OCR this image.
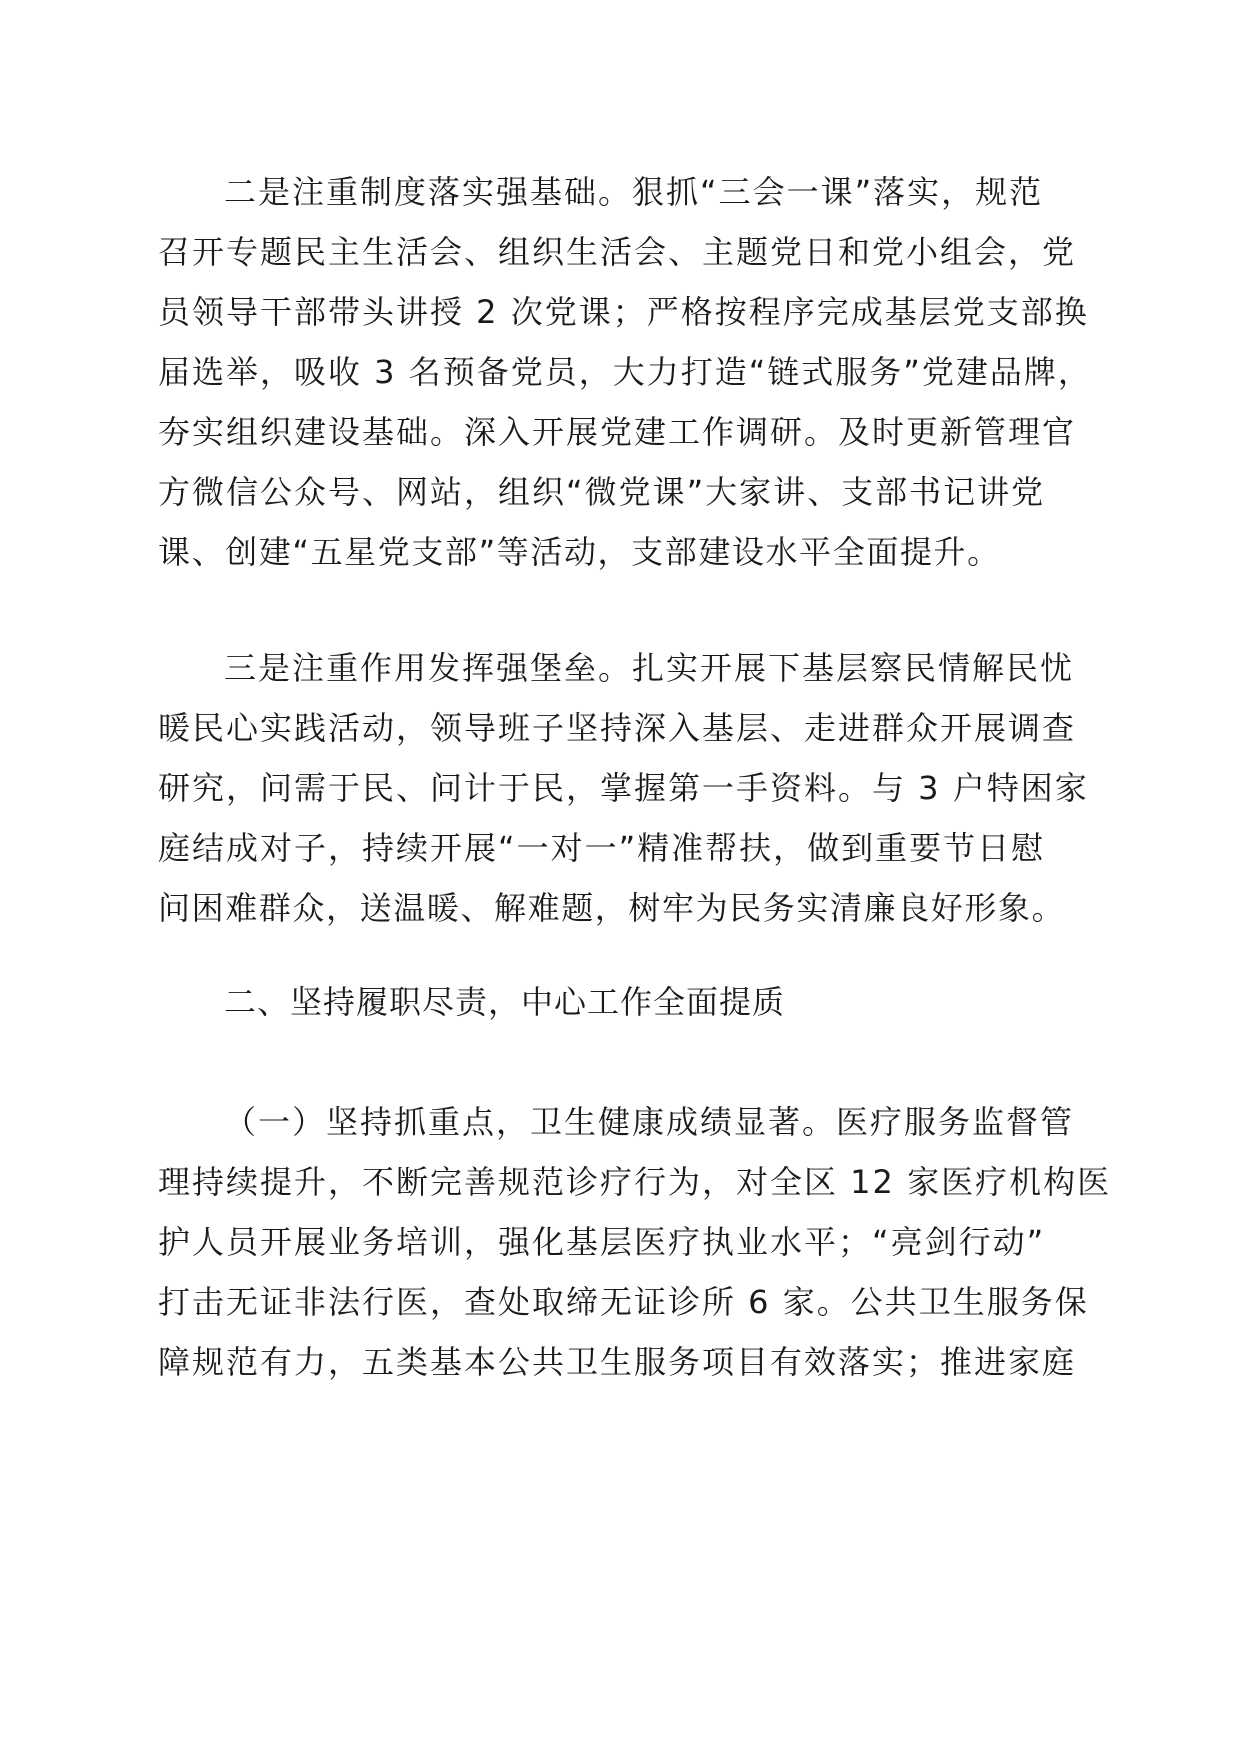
二是注重制度落实强基础。狠抓“三会一课”落实，规范

召开专题民主生活会、组织生活会、主题党日和党小组会，党

员领导干部带头讲授 2 次党课；严格按程序完成基层党支部换

届选举，吸收 3 名预备党员，大力打造“链式服务”党建品牌，

夯实组织建设基础。深入开展党建工作调研。及时更新管理官

方微信公众号、网站，组织“微党课”大家讲、支部书记讲党

课、创建“五星党支部”等活动，支部建设水平全面提升。

三是注重作用发挥强堡垒。扎实开展下基层察民情解民忧

暖民心实践活动，领导班子坚持深入基层、走进群众开展调查

研究，问需于民、问计于民，掌握第一手资料。与 3 户特困家

庭结成对子，持续开展“一对一”精准帮扶，做到重要节日慰

问困难群众，送温暖、解难题，树牢为民务实清廉良好形象。

二、坚持履职尽责，中心工作全面提质

（一）坚持抓重点，卫生健康成绩显著。医疗服务监督管

理持续提升，不断完善规范诊疗行为，对全区 12 家医疗机构医

护人员开展业务培训，强化基层医疗执业水平；“亮剑行动”

打击无证非法行医，查处取缔无证诊所 6 家。公共卫生服务保

障规范有力，五类基本公共卫生服务项目有效落实；推进家庭
